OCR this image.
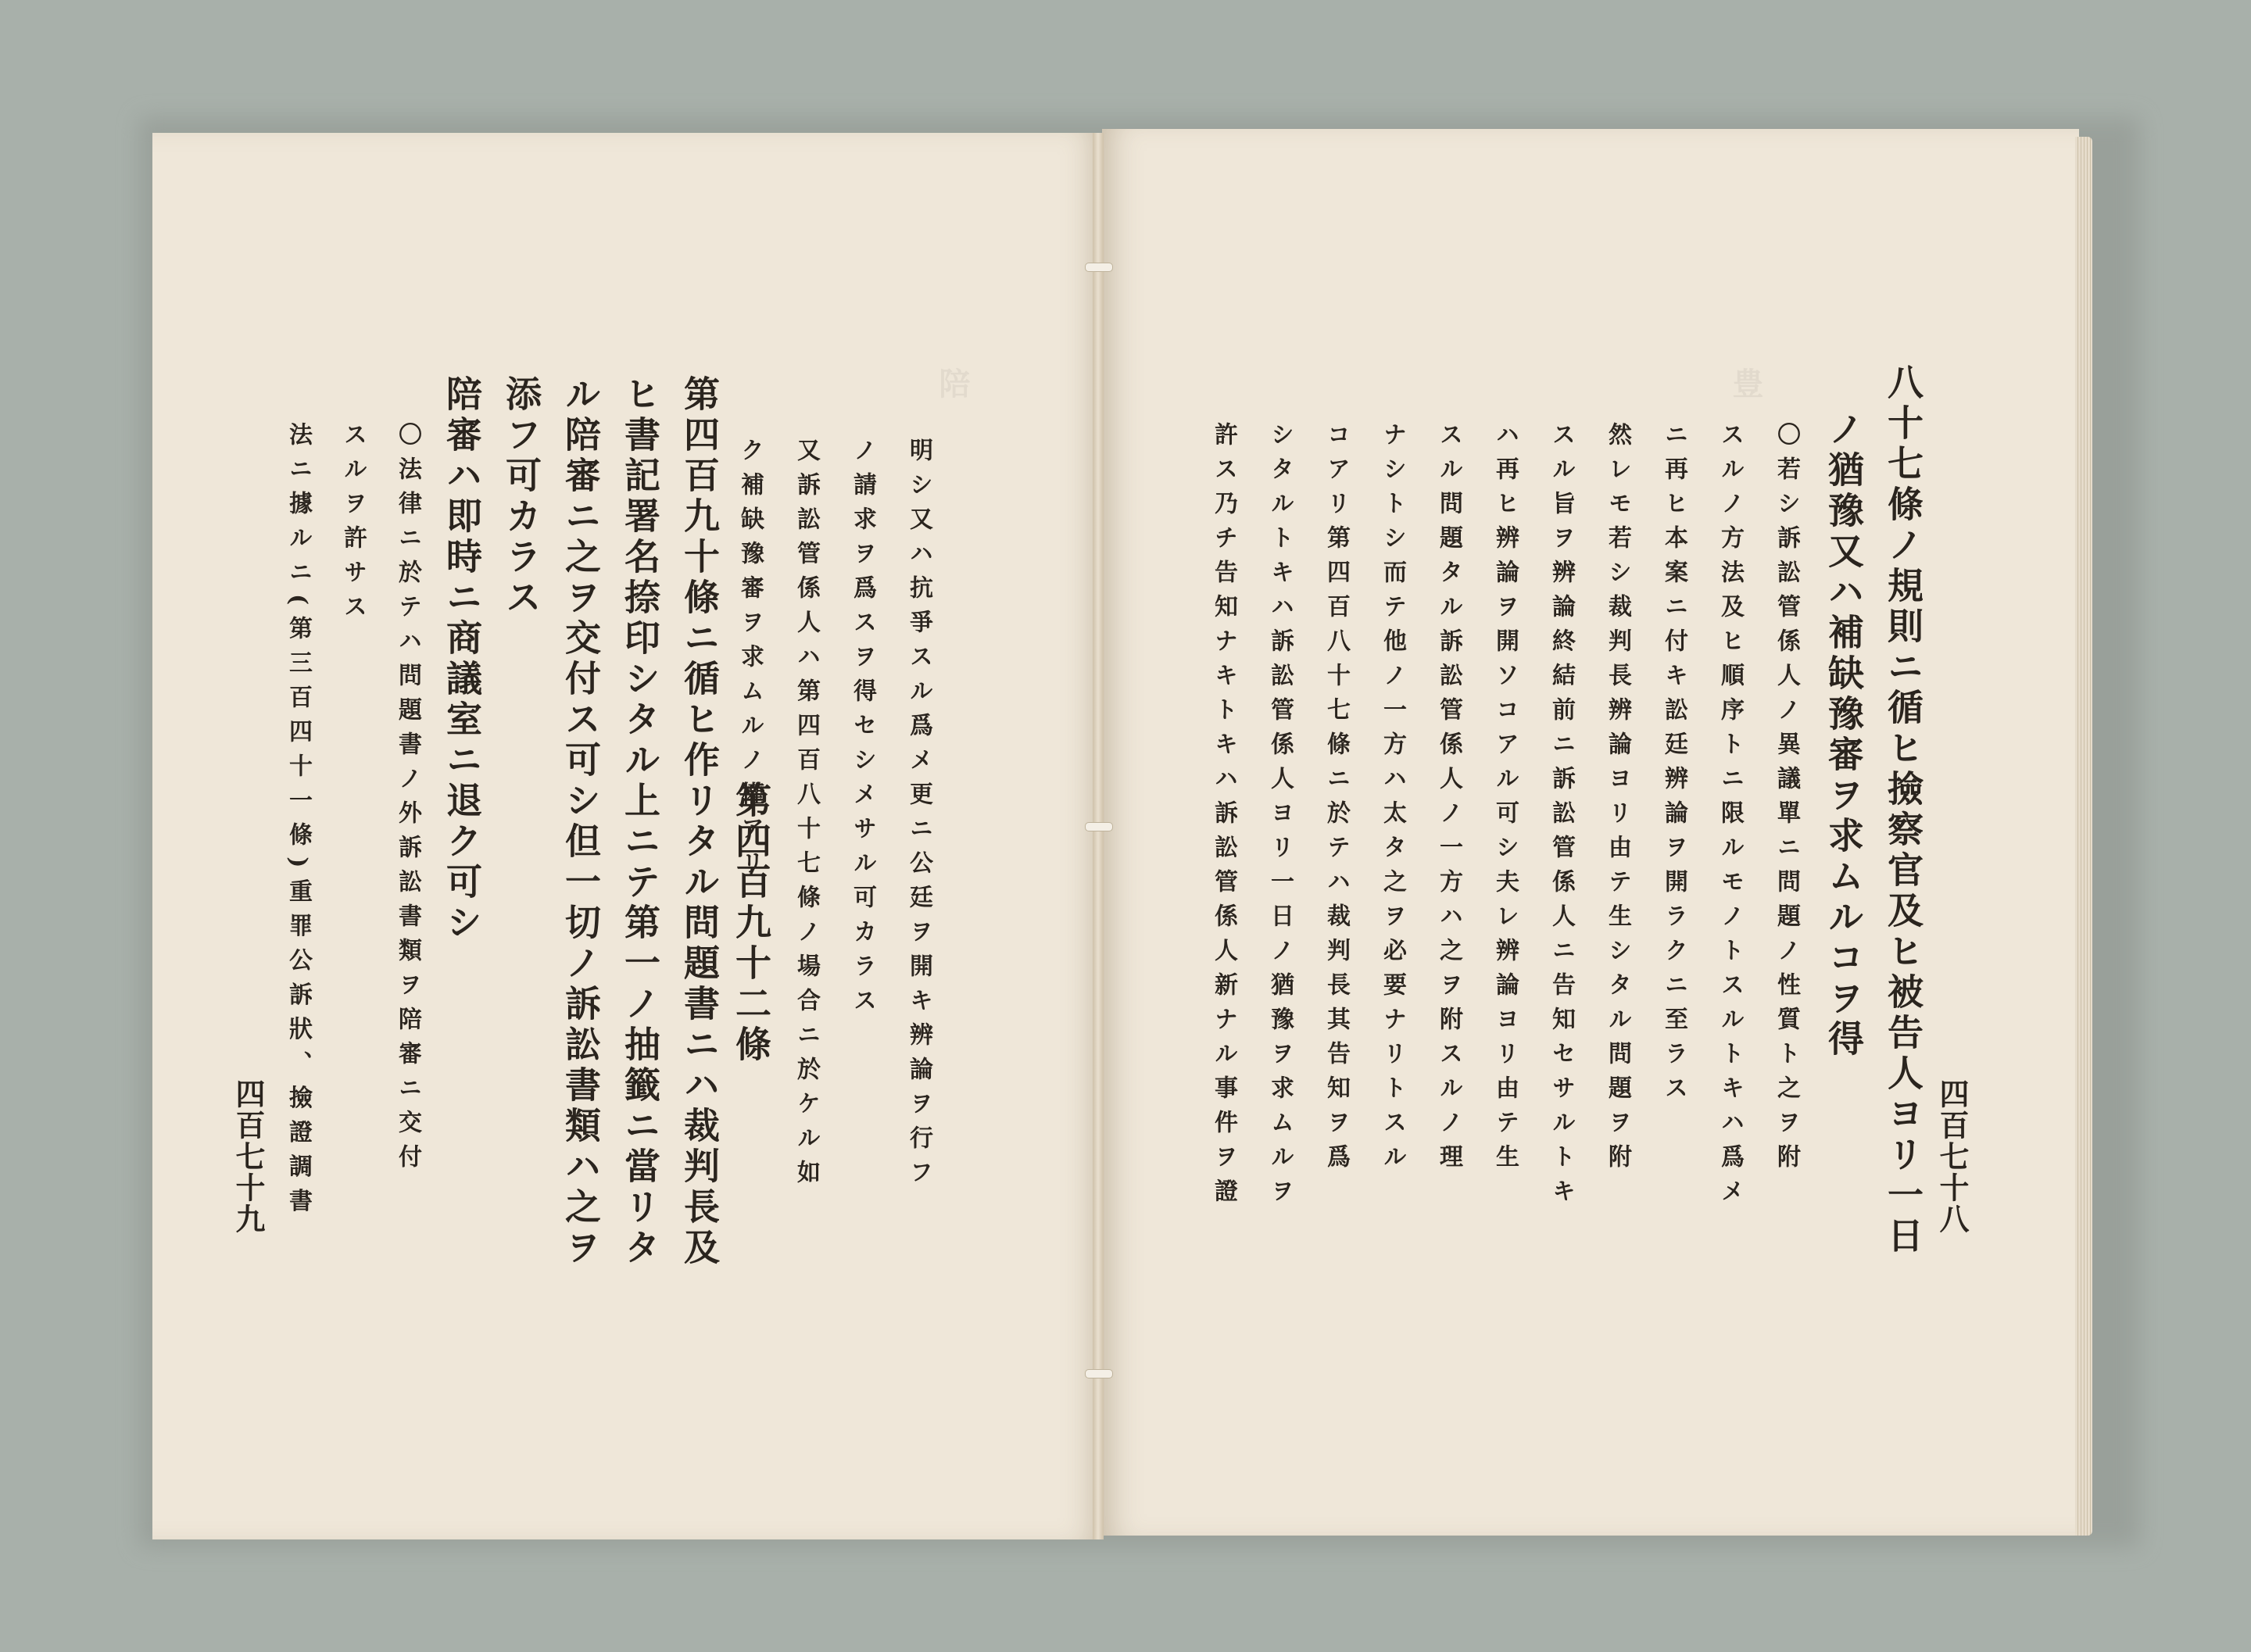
陪	豊
明シ又ハ抗爭スル爲メ更ニ公廷ヲ開キ辨論ヲ行フ
ノ請求ヲ爲スヲ得セシメサル可カラス
又訴訟管係人ハ第四百八十七條ノ場合ニ於ケル如
ク補缺豫審ヲ求ムルノ權アリ
第四百九十二條
第四百九十條ニ循ヒ作リタル問題書ニハ裁判長及
ヒ書記署名捺印シタル上ニテ第一ノ抽籤ニ當リタ
ル陪審ニ之ヲ交付ス可シ但一切ノ訴訟書類ハ之ヲ
添フ可カラス
陪審ハ即時ニ商議室ニ退ク可シ
〇法律ニ於テハ問題書ノ外訴訟書類ヲ陪審ニ交付
スルヲ許サス
法ニ據ルニ(第三百四十一條)重罪公訴狀、撿證調書
四百七十九	四百七十八
八十七條ノ規則ニ循ヒ撿察官及ヒ被告人ヨリ一日
ノ猶豫又ハ補缺豫審ヲ求ムルコヲ得
〇若シ訴訟管係人ノ異議單ニ問題ノ性質ト之ヲ附
スルノ方法及ヒ順序トニ限ルモノトスルトキハ爲メ
ニ再ヒ本案ニ付キ訟廷辨論ヲ開ラクニ至ラス
然レモ若シ裁判長辨論ヨリ由テ生シタル問題ヲ附
スル旨ヲ辨論終結前ニ訴訟管係人ニ告知セサルトキ
ハ再ヒ辨論ヲ開ソコアル可シ夫レ辨論ヨリ由テ生
スル問題タル訴訟管係人ノ一方ハ之ヲ附スルノ理
ナシトシ而テ他ノ一方ハ太タ之ヲ必要ナリトスル
コアリ第四百八十七條ニ於テハ裁判長其告知ヲ爲
シタルトキハ訴訟管係人ヨリ一日ノ猶豫ヲ求ムルヲ
許ス乃チ告知ナキトキハ訴訟管係人新ナル事件ヲ證
